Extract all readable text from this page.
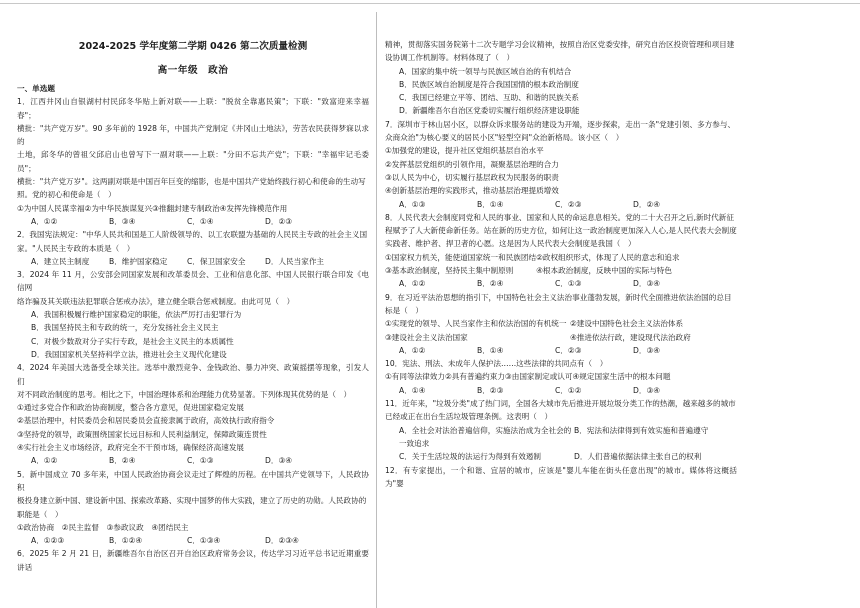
2024-2025 学年度第二学期 0426 第二次质量检测
高一年级　政治
一、单选题

1．江西井冈山自银湖村村民邱冬华贴上新对联——上联："脱贫全靠惠民策"；下联："致富迎来幸福春"；

横批："共产党万岁"。90 多年前的 1928 年，中国共产党制定《井冈山土地法》，劳苦农民获得梦寐以求的

土地，邱冬华的曾祖父邱启山也曾写下一副对联——上联："分田不忘共产党"；下联："幸福牢记毛委员"；

横批："共产党万岁"。这两副对联是中国百年巨变的缩影，也是中国共产党始终践行初心和使命的生动写

照。党的初心和使命是（　）

①为中国人民谋幸福②为中华民族谋复兴③推翻封建专制政治④发挥先锋模范作用

A．①②	B．③④	C．①④	D．②③

2．我国宪法规定："中华人民共和国是工人阶级领导的、以工农联盟为基础的人民民主专政的社会主义国

家。"人民民主专政的本质是（　）

A．建立民主制度	B．维护国家稳定	C．保卫国家安全	D．人民当家作主

3．2024 年 11 月，公安部会同国家发展和改革委员会、工业和信息化部、中国人民银行联合印发《电信网

络诈骗及其关联违法犯罪联合惩戒办法》，建立健全联合惩戒制度。由此可见（　）

A．我国积极履行维护国家稳定的职能，依法严厉打击犯罪行为

B．我国坚持民主和专政的统一，充分发扬社会主义民主

C．对极少数敌对分子实行专政，是社会主义民主的本质属性

D．我国国家机关坚持科学立法，推进社会主义现代化建设

4．2024 年美国大选备受全球关注。选举中激烈竞争、金钱政治、暴力冲突、政策摇摆等现象，引发人们

对不同政治制度的思考。相比之下，中国治理体系和治理能力优势显著。下列体现其优势的是（　）

①通过多党合作和政治协商制度，整合各方意见，促进国家稳定发展

②基层治理中，村民委员会和居民委员会直接隶属于政府，高效执行政府指令

③坚持党的领导，政策围绕国家长远目标和人民利益制定，保障政策连贯性

④实行社会主义市场经济，政府完全不干预市场，确保经济高速发展

A．①②	B．②④	C．①③	D．③④

5．新中国成立 70 多年来，中国人民政治协商会议走过了辉煌的历程。在中国共产党领导下，人民政协积

极投身建立新中国、建设新中国、探索改革路、实现中国梦的伟大实践，建立了历史的功勋。人民政协的

职能是（　）

①政治协商　②民主监督　③参政议政　④团结民主

A．①②③	B．①②④	C．①③④	D．②③④

6．2025 年 2 月 21 日，新疆维吾尔自治区召开自治区政府常务会议，传达学习习近平总书记近期重要讲话

精神，贯彻落实国务院第十二次专题学习会议精神，按照自治区党委安排，研究自治区投资管理和项目建

设协调工作机制等。材料体现了（　）

A．国家的集中统一领导与民族区域自治的有机结合

B．民族区域自治制度是符合我国国情的根本政治制度

C．我国已经建立平等、团结、互助、和谐的民族关系

D．新疆维吾尔自治区党委切实履行组织经济建设职能

7．深圳市于林山居小区，以群众诉求服务站的建设为开端，逐步探索，走出一条"党建引领、多方参与、

众商众治"为核心要义的居民小区"轻型空间"众治新格局。该小区（　）

①加强党的建设，提升社区党组织基层自治水平

②发挥基层党组织的引领作用，凝聚基层治理的合力

③以人民为中心，切实履行基层政权为民服务的职责

④创新基层治理的实践形式，推动基层治理提质增效

A．①③	B．①④	C．②③	D．②④

8．人民代表大会制度同党和人民的事业、国家和人民的命运息息相关。党的二十大召开之后,新时代新征

程赋予了人大新使命新任务。站在新的历史方位，如何让这一政治制度更加深入人心,是人民代表大会制度

实践者、维护者、捍卫者的心愿。这是因为人民代表大会制度是我国（　）

①国家权力机关，能使道国家统一和民族团结②政权组织形式，体现了人民的意志和追求

③基本政治制度，坚持民主集中制原则　　　④根本政治制度，反映中国的实际与特色

A．①②	B．②④	C．①③	D．③④

9．在习近平法治思想的指引下，中国特色社会主义法治事业蓬勃发展，新时代全面推进依法治国的总目

标是（　）

①实现党的领导、人民当家作主和依法治国的有机统一 ②建设中国特色社会主义法治体系
③建设社会主义法治国家	④推进依法行政，建设现代法治政府
A．①②	B．①④	C．②③	D．③④

10．宪法、刑法、未成年人保护法……这些法律的共同点有（　）

①有同等法律效力②具有普遍约束力③由国家制定或认可④规定国家生活中的根本问题

A．①④	B．②③	C．①②	D．③④

11．近年来，"垃圾分类"成了热门词，全国各大城市先后推进开展垃圾分类工作的热潮，越来越多的城市

已经或正在出台生活垃圾管理条例。这表明（　）

A．全社会对法治普遍信仰，实施法治成为全社会的一致追求
B．宪法和法律得到有效实施和普遍遵守
C．关于生活垃圾的法运行为得到有效遏制	D．人们普遍依据法律主张自己的权利

12．有专家提出，一个和谐、宜居的城市，应该是"婴儿车能在街头任意出现"的城市。媒体将这概括为"婴
